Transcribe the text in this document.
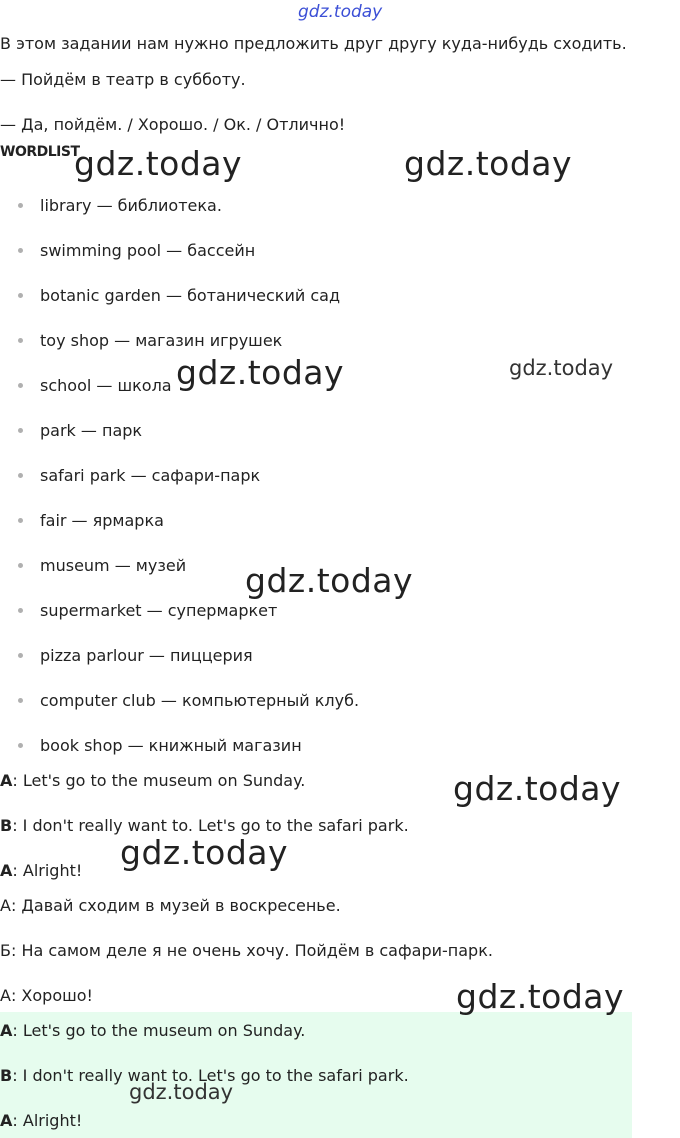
В этом задании нам нужно предложить друг другу куда-нибудь сходить.
— Пойдём в театр в субботу.
— Да, пойдём. / Хорошо. / Ок. / Отлично!
WORDLIST
library — библиотека.
swimming pool — бассейн
botanic garden — ботанический сад
toy shop — магазин игрушек
school — школа
park — парк
safari park — сафари-парк
fair — ярмарка
museum — музей
supermarket — супермаркет
pizza parlour — пиццерия
computer club — компьютерный клуб.
book shop — книжный магазин
A: Let's go to the museum on Sunday.
B: I don't really want to. Let's go to the safari park.
A: Alright!
А: Давай сходим в музей в воскресенье.
Б: На самом деле я не очень хочу. Пойдём в сафари-парк.
А: Хорошо!
A: Let's go to the museum on Sunday.
B: I don't really want to. Let's go to the safari park.
A: Alright!
gdz.today
gdz.today	gdz.today
gdz.today	gdz.today
gdz.today
gdz.today
gdz.today
gdz.today
gdz.today
